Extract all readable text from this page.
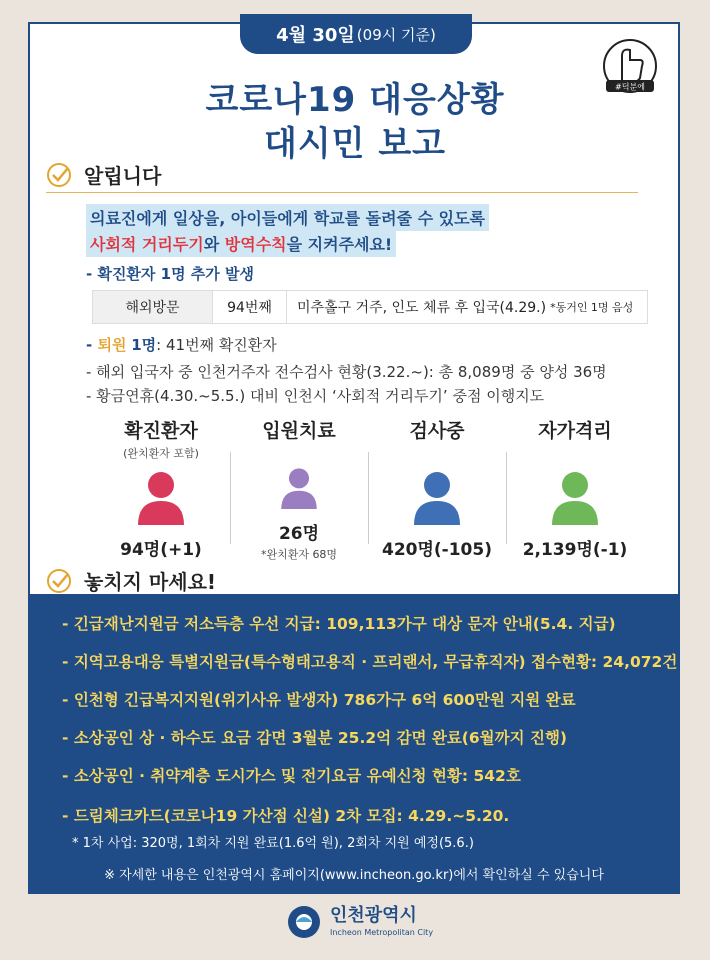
4월 30일 (09시 기준)
#덕분에
코로나19 대응상황
대시민 보고
알립니다
의료진에게 일상을, 아이들에게 학교를 돌려줄 수 있도록
사회적 거리두기와 방역수칙을 지켜주세요!
- 확진환자 1명 추가 발생
해외방문	94번째	미추홀구 거주, 인도 체류 후 입국(4.29.) *동거인 1명 음성
- 퇴원 1명: 41번째 확진환자
- 해외 입국자 중 인천거주자 전수검사 현황(3.22.~): 총 8,089명 중 양성 36명
- 황금연휴(4.30.~5.5.) 대비 인천시 ‘사회적 거리두기’ 중점 이행지도
확진환자
(완치환자 포함)
94명(+1)
입원치료
26명
*완치환자 68명
검사중
420명(-105)
자가격리
2,139명(-1)
놓치지 마세요!
- 긴급재난지원금 저소득층 우선 지급: 109,113가구 대상 문자 안내(5.4. 지급)
- 지역고용대응 특별지원금(특수형태고용직 · 프리랜서, 무급휴직자) 접수현황: 24,072건
- 인천형 긴급복지지원(위기사유 발생자) 786가구 6억 600만원 지원 완료
- 소상공인 상 · 하수도 요금 감면 3월분 25.2억 감면 완료(6월까지 진행)
- 소상공인 · 취약계층 도시가스 및 전기요금 유예신청 현황: 542호
- 드림체크카드(코로나19 가산점 신설) 2차 모집: 4.29.~5.20.
* 1차 사업: 320명, 1회차 지원 완료(1.6억 원), 2회차 지원 예정(5.6.)
※ 자세한 내용은 인천광역시 홈페이지(www.incheon.go.kr)에서 확인하실 수 있습니다
인천광역시
Incheon Metropolitan City
